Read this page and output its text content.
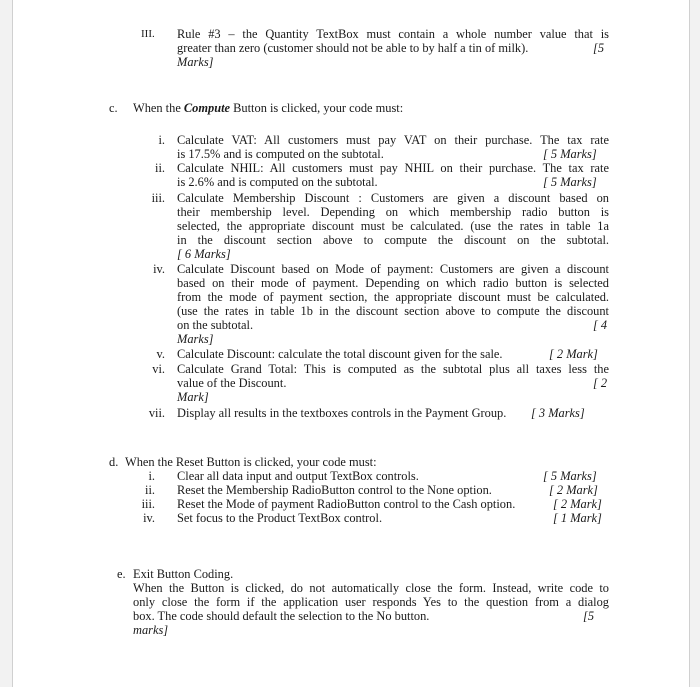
III. Rule #3 – the Quantity TextBox must contain a whole number value that is
greater than zero (customer should not be able to by half a tin of milk).	[5
Marks]
c. When the Compute Button is clicked, your code must:
i. Calculate VAT: All customers must pay VAT on their purchase. The tax rate
is 17.5% and is computed on the subtotal.	[ 5 Marks]
ii. Calculate NHIL: All customers must pay NHIL on their purchase. The tax rate
is 2.6% and is computed on the subtotal.	[ 5 Marks]
iii. Calculate Membership Discount : Customers are given a discount based on
their membership level. Depending on which membership radio button is
selected, the appropriate discount must be calculated. (use the rates in table 1a
in the discount section above to compute the discount on the subtotal.
[ 6 Marks]
iv. Calculate Discount based on Mode of payment: Customers are given a discount
based on their mode of payment. Depending on which radio button is selected
from the mode of payment section, the appropriate discount must be calculated.
(use the rates in table 1b in the discount section above to compute the discount
on the subtotal.	[ 4
Marks]
v. Calculate Discount: calculate the total discount given for the sale.	[ 2 Mark]
vi. Calculate Grand Total: This is computed as the subtotal plus all taxes less the
value of the Discount.	[ 2
Mark]
vii. Display all results in the textboxes controls in the Payment Group. [ 3 Marks]
d. When the Reset Button is clicked, your code must:
i. Clear all data input and output TextBox controls.	[ 5 Marks]
ii. Reset the Membership RadioButton control to the None option.	[ 2 Mark]
iii. Reset the Mode of payment RadioButton control to the Cash option.	[ 2 Mark]
iv. Set focus to the Product TextBox control.	[ 1 Mark]
e. Exit Button Coding.
When the Button is clicked, do not automatically close the form. Instead, write code to
only close the form if the application user responds Yes to the question from a dialog
box. The code should default the selection to the No button.	[5
marks]
